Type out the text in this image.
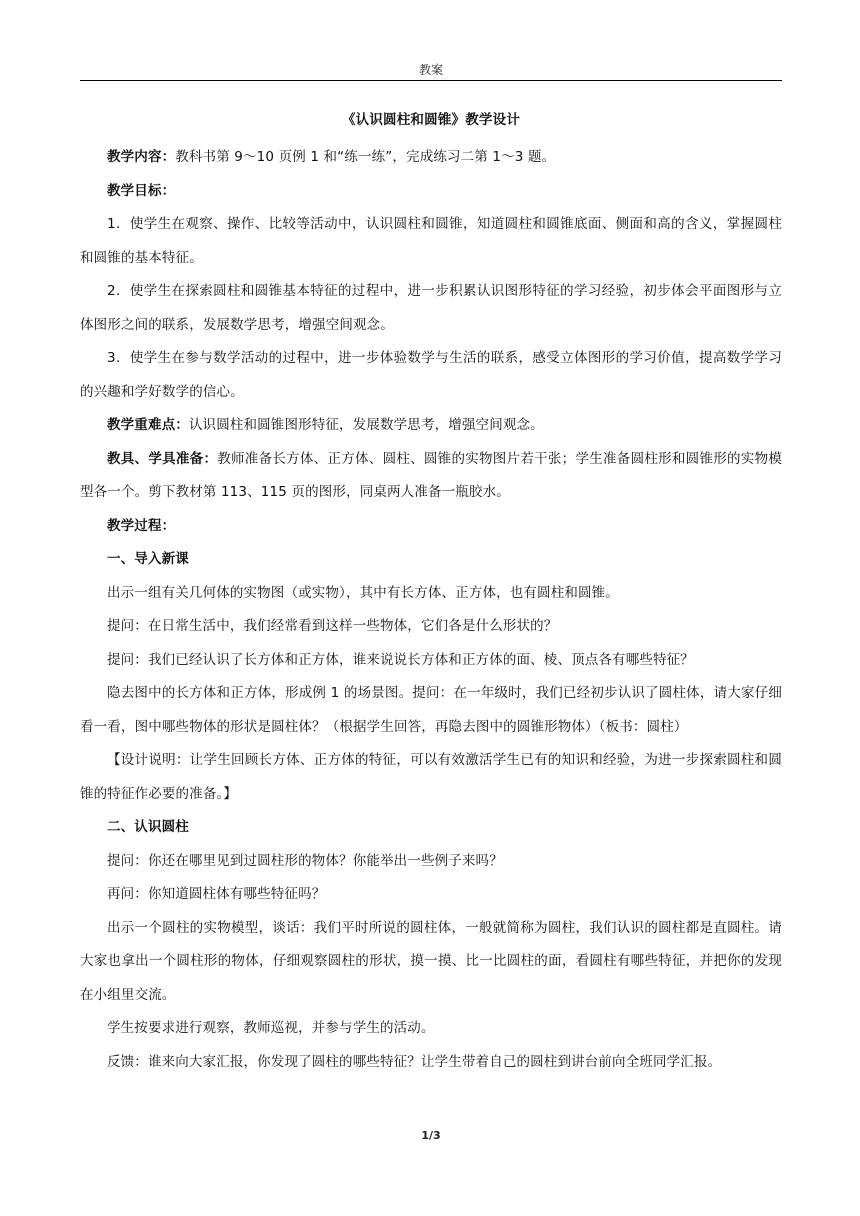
教案
《认识圆柱和圆锥》教学设计

教学内容：教科书第 9～10 页例 1 和“练一练”，完成练习二第 1～3 题。

教学目标：

1．使学生在观察、操作、比较等活动中，认识圆柱和圆锥，知道圆柱和圆锥底面、侧面和高的含义，掌握圆柱和圆锥的基本特征。

2．使学生在探索圆柱和圆锥基本特征的过程中，进一步积累认识图形特征的学习经验，初步体会平面图形与立体图形之间的联系，发展数学思考，增强空间观念。

3．使学生在参与数学活动的过程中，进一步体验数学与生活的联系，感受立体图形的学习价值，提高数学学习的兴趣和学好数学的信心。

教学重难点：认识圆柱和圆锥图形特征，发展数学思考，增强空间观念。

教具、学具准备：教师准备长方体、正方体、圆柱、圆锥的实物图片若干张；学生准备圆柱形和圆锥形的实物模型各一个。剪下教材第 113、115 页的图形，同桌两人准备一瓶胶水。

教学过程：

一、导入新课

出示一组有关几何体的实物图（或实物），其中有长方体、正方体，也有圆柱和圆锥。

提问：在日常生活中，我们经常看到这样一些物体，它们各是什么形状的？

提问：我们已经认识了长方体和正方体，谁来说说长方体和正方体的面、棱、顶点各有哪些特征？

隐去图中的长方体和正方体，形成例 1 的场景图。提问：在一年级时，我们已经初步认识了圆柱体，请大家仔细看一看，图中哪些物体的形状是圆柱体？（根据学生回答，再隐去图中的圆锥形物体）（板书：圆柱）

【设计说明：让学生回顾长方体、正方体的特征，可以有效激活学生已有的知识和经验，为进一步探索圆柱和圆锥的特征作必要的准备。】

二、认识圆柱

提问：你还在哪里见到过圆柱形的物体？你能举出一些例子来吗？

再问：你知道圆柱体有哪些特征吗？

出示一个圆柱的实物模型，谈话：我们平时所说的圆柱体，一般就简称为圆柱，我们认识的圆柱都是直圆柱。请大家也拿出一个圆柱形的物体，仔细观察圆柱的形状，摸一摸、比一比圆柱的面，看圆柱有哪些特征，并把你的发现在小组里交流。

学生按要求进行观察，教师巡视，并参与学生的活动。

反馈：谁来向大家汇报，你发现了圆柱的哪些特征？让学生带着自己的圆柱到讲台前向全班同学汇报。

1/3
